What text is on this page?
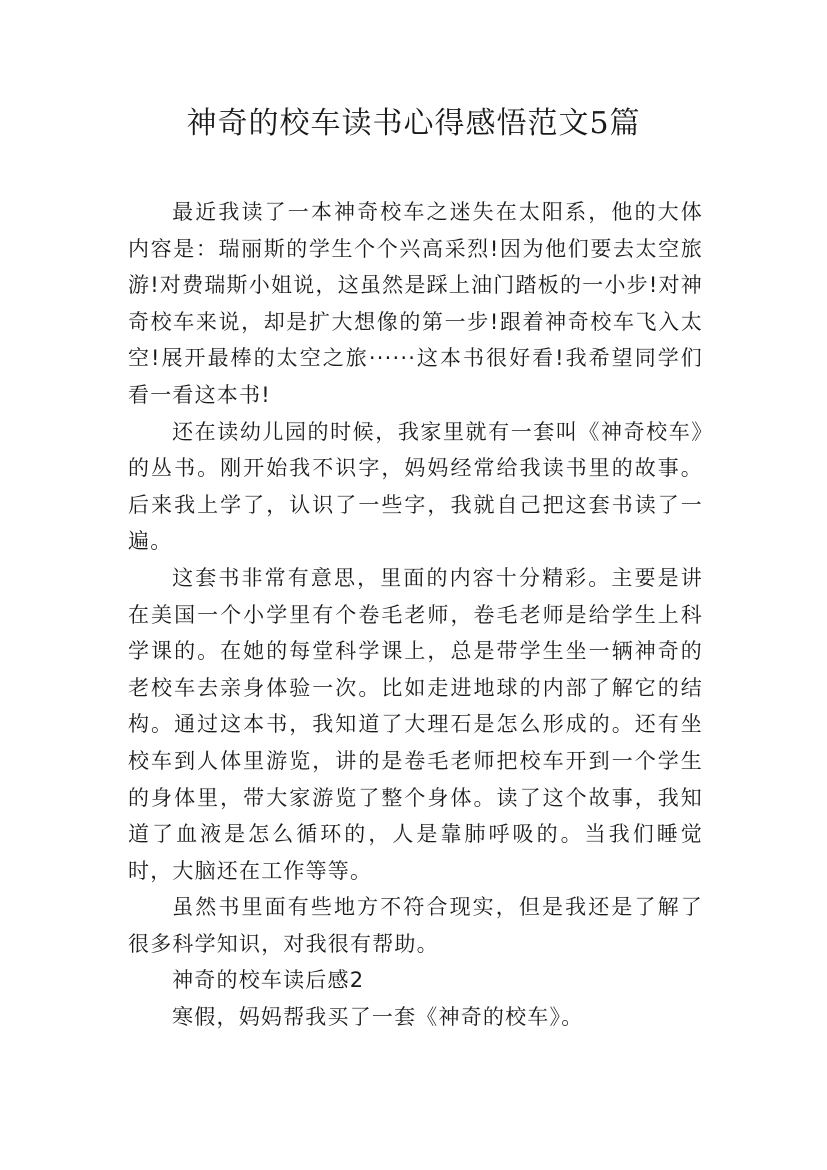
神奇的校车读书心得感悟范文5篇

最近我读了一本神奇校车之迷失在太阳系，他的大体内容是：瑞丽斯的学生个个兴高采烈!因为他们要去太空旅游!对费瑞斯小姐说，这虽然是踩上油门踏板的一小步!对神奇校车来说，却是扩大想像的第一步!跟着神奇校车飞入太空!展开最棒的太空之旅······这本书很好看!我希望同学们看一看这本书!

还在读幼儿园的时候，我家里就有一套叫《神奇校车》的丛书。刚开始我不识字，妈妈经常给我读书里的故事。后来我上学了，认识了一些字，我就自己把这套书读了一遍。

这套书非常有意思，里面的内容十分精彩。主要是讲在美国一个小学里有个卷毛老师，卷毛老师是给学生上科学课的。在她的每堂科学课上，总是带学生坐一辆神奇的老校车去亲身体验一次。比如走进地球的内部了解它的结构。通过这本书，我知道了大理石是怎么形成的。还有坐校车到人体里游览，讲的是卷毛老师把校车开到一个学生的身体里，带大家游览了整个身体。读了这个故事，我知道了血液是怎么循环的，人是靠肺呼吸的。当我们睡觉时，大脑还在工作等等。

虽然书里面有些地方不符合现实，但是我还是了解了很多科学知识，对我很有帮助。

神奇的校车读后感2

寒假，妈妈帮我买了一套《神奇的校车》。
